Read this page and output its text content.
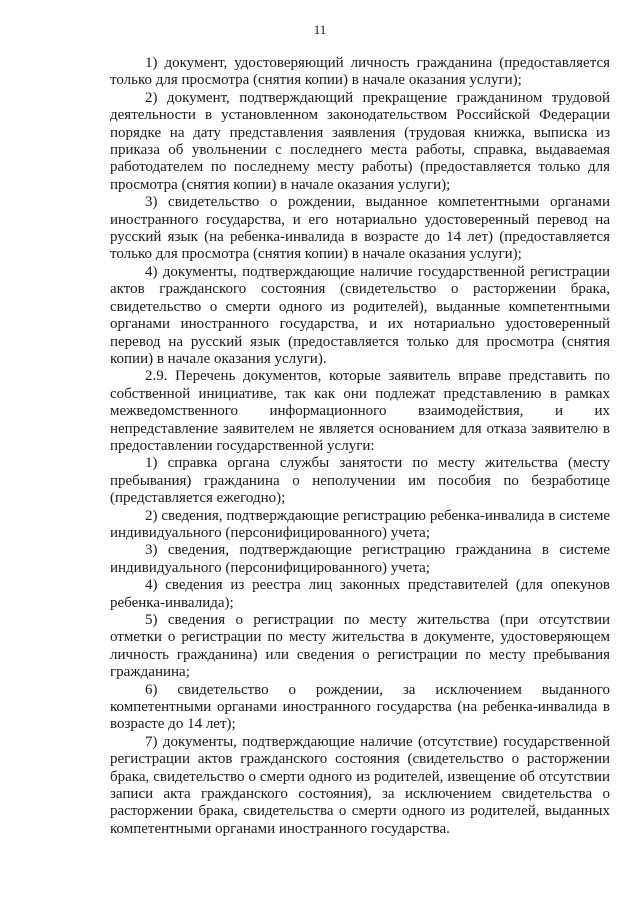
11

1) документ, удостоверяющий личность гражданина (предоставляется только для просмотра (снятия копии) в начале оказания услуги);

2) документ, подтверждающий прекращение гражданином трудовой деятельности в установленном законодательством Российской Федерации порядке на дату представления заявления (трудовая книжка, выписка из приказа об увольнении с последнего места работы, справка, выдаваемая работодателем по последнему месту работы) (предоставляется только для просмотра (снятия копии) в начале оказания услуги);

3) свидетельство о рождении, выданное компетентными органами иностранного государства, и его нотариально удостоверенный перевод на русский язык (на ребенка-инвалида в возрасте до 14 лет) (предоставляется только для просмотра (снятия копии) в начале оказания услуги);

4) документы, подтверждающие наличие государственной регистрации актов гражданского состояния (свидетельство о расторжении брака, свидетельство о смерти одного из родителей), выданные компетентными органами иностранного государства, и их нотариально удостоверенный перевод на русский язык (предоставляется только для просмотра (снятия копии) в начале оказания услуги).

2.9. Перечень документов, которые заявитель вправе представить по собственной инициативе, так как они подлежат представлению в рамках межведомственного информационного взаимодействия, и их непредставление заявителем не является основанием для отказа заявителю в предоставлении государственной услуги:

1) справка органа службы занятости по месту жительства (месту пребывания) гражданина о неполучении им пособия по безработице (представляется ежегодно);

2) сведения, подтверждающие регистрацию ребенка-инвалида в системе индивидуального (персонифицированного) учета;

3) сведения, подтверждающие регистрацию гражданина в системе индивидуального (персонифицированного) учета;

4) сведения из реестра лиц законных представителей (для опекунов ребенка-инвалида);

5) сведения о регистрации по месту жительства (при отсутствии отметки о регистрации по месту жительства в документе, удостоверяющем личность гражданина) или сведения о регистрации по месту пребывания гражданина;

6) свидетельство о рождении, за исключением выданного компетентными органами иностранного государства (на ребенка-инвалида в возрасте до 14 лет);

7) документы, подтверждающие наличие (отсутствие) государственной регистрации актов гражданского состояния (свидетельство о расторжении брака, свидетельство о смерти одного из родителей, извещение об отсутствии записи акта гражданского состояния), за исключением свидетельства о расторжении брака, свидетельства о смерти одного из родителей, выданных компетентными органами иностранного государства.
